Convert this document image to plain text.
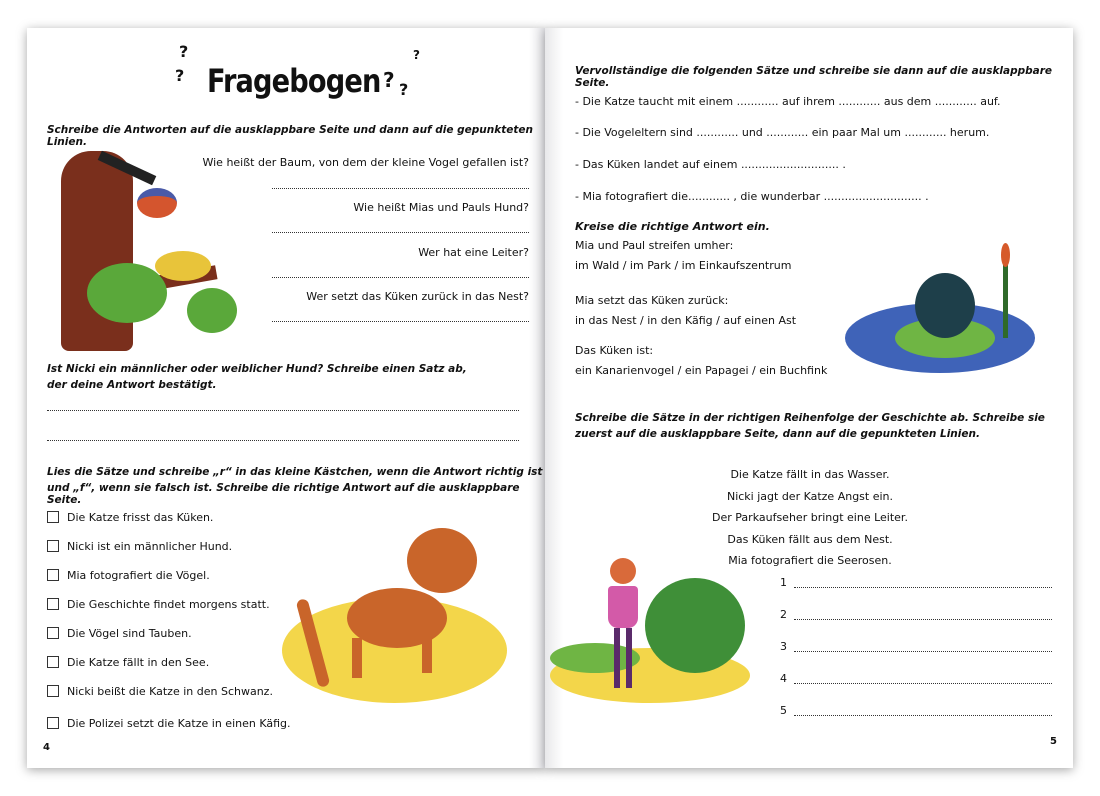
?
? Fragebogen ? ?
?
Schreibe die Antworten auf die ausklappbare Seite und dann auf die gepunkteten Linien.
Wie heißt der Baum, von dem der kleine Vogel gefallen ist?
Wie heißt Mias und Pauls Hund?
Wer hat eine Leiter?
Wer setzt das Küken zurück in das Nest?
Ist Nicki ein männlicher oder weiblicher Hund? Schreibe einen Satz ab,
der deine Antwort bestätigt.
Lies die Sätze und schreibe „r“ in das kleine Kästchen, wenn die Antwort richtig ist
und „f“, wenn sie falsch ist. Schreibe die richtige Antwort auf die ausklappbare Seite.
Die Katze frisst das Küken.
Nicki ist ein männlicher Hund.
Mia fotografiert die Vögel.
Die Geschichte findet morgens statt.
Die Vögel sind Tauben.
Die Katze fällt in den See.
Nicki beißt die Katze in den Schwanz.
Die Polizei setzt die Katze in einen Käfig.
4
Vervollständige die folgenden Sätze und schreibe sie dann auf die ausklappbare Seite.
- Die Katze taucht mit einem ............ auf ihrem ............ aus dem ............ auf.
- Die Vogeleltern sind ............ und ............ ein paar Mal um ............ herum.
- Das Küken landet auf einem ............................ .
- Mia fotografiert die............ , die wunderbar ............................ .
Kreise die richtige Antwort ein.
Mia und Paul streifen umher:
im Wald / im Park / im Einkaufszentrum
Mia setzt das Küken zurück:
in das Nest / in den Käfig / auf einen Ast
Das Küken ist:
ein Kanarienvogel / ein Papagei / ein Buchfink
Schreibe die Sätze in der richtigen Reihenfolge der Geschichte ab. Schreibe sie
zuerst auf die ausklappbare Seite, dann auf die gepunkteten Linien.
Die Katze fällt in das Wasser.
Nicki jagt der Katze Angst ein.
Der Parkaufseher bringt eine Leiter.
Das Küken fällt aus dem Nest.
Mia fotografiert die Seerosen.
1
2
3
4
5
5
